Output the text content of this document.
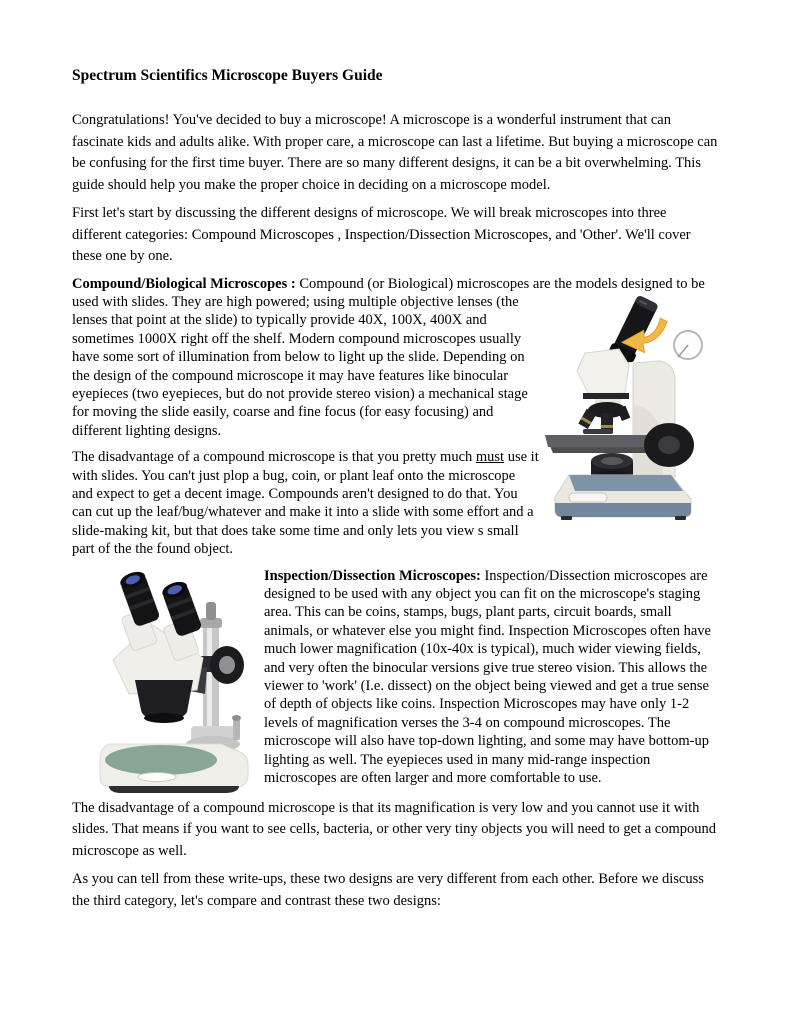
Spectrum Scientifics Microscope Buyers Guide

Congratulations! You've decided to buy a microscope! A microscope is a wonderful instrument that can fascinate kids and adults alike. With proper care, a microscope can last a lifetime. But buying a microscope can be confusing for the first time buyer. There are so many different designs, it can be a bit overwhelming. This guide should help you make the proper choice in deciding on a microscope model.

First let's start by discussing the different designs of microscope. We will break microscopes into three different categories: Compound Microscopes , Inspection/Dissection Microscopes, and 'Other'. We'll cover these one by one.

Compound/Biological Microscopes : Compound (or Biological) microscopes are the models designed to be used with slides. They are high powered; using multiple objective lenses (the lenses that point at the slide) to typically provide 40X, 100X, 400X and sometimes 1000X right off the shelf. Modern compound microscopes usually have some sort of illumination from below to light up the slide. Depending on the design of the compound microscope it may have features like binocular eyepieces (two eyepieces, but do not provide stereo vision) a mechanical stage for moving the slide easily, coarse and fine focus (for easy focusing) and different lighting designs.

The disadvantage of a compound microscope is that you pretty much must use it with slides. You can't just plop a bug, coin, or plant leaf onto the microscope and expect to get a decent image. Compounds aren't designed to do that. You can cut up the leaf/bug/whatever and make it into a slide with some effort and a slide-making kit, but that does take some time and only lets you view s small part of the the found object.

Inspection/Dissection Microscopes: Inspection/Dissection microscopes are designed to be used with any object you can fit on the microscope's staging area. This can be coins, stamps, bugs, plant parts, circuit boards, small animals, or whatever else you might find. Inspection Microscopes often have much lower magnification (10x-40x is typical), much wider viewing fields, and very often the binocular versions give true stereo vision. This allows the viewer to 'work' (I.e. dissect) on the object being viewed and get a true sense of depth of objects like coins. Inspection Microscopes may have only 1-2 levels of magnification verses the 3-4 on compound microscopes. The microscope will also have top-down lighting, and some may have bottom-up lighting as well. The eyepieces used in many mid-range inspection microscopes are often larger and more comfortable to use.

The disadvantage of a compound microscope is that its magnification is very low and you cannot use it with slides. That means if you want to see cells, bacteria, or other very tiny objects you will need to get a compound microscope as well.

As you can tell from these write-ups, these two designs are very different from each other. Before we discuss the third category, let's compare and contrast these two designs:
